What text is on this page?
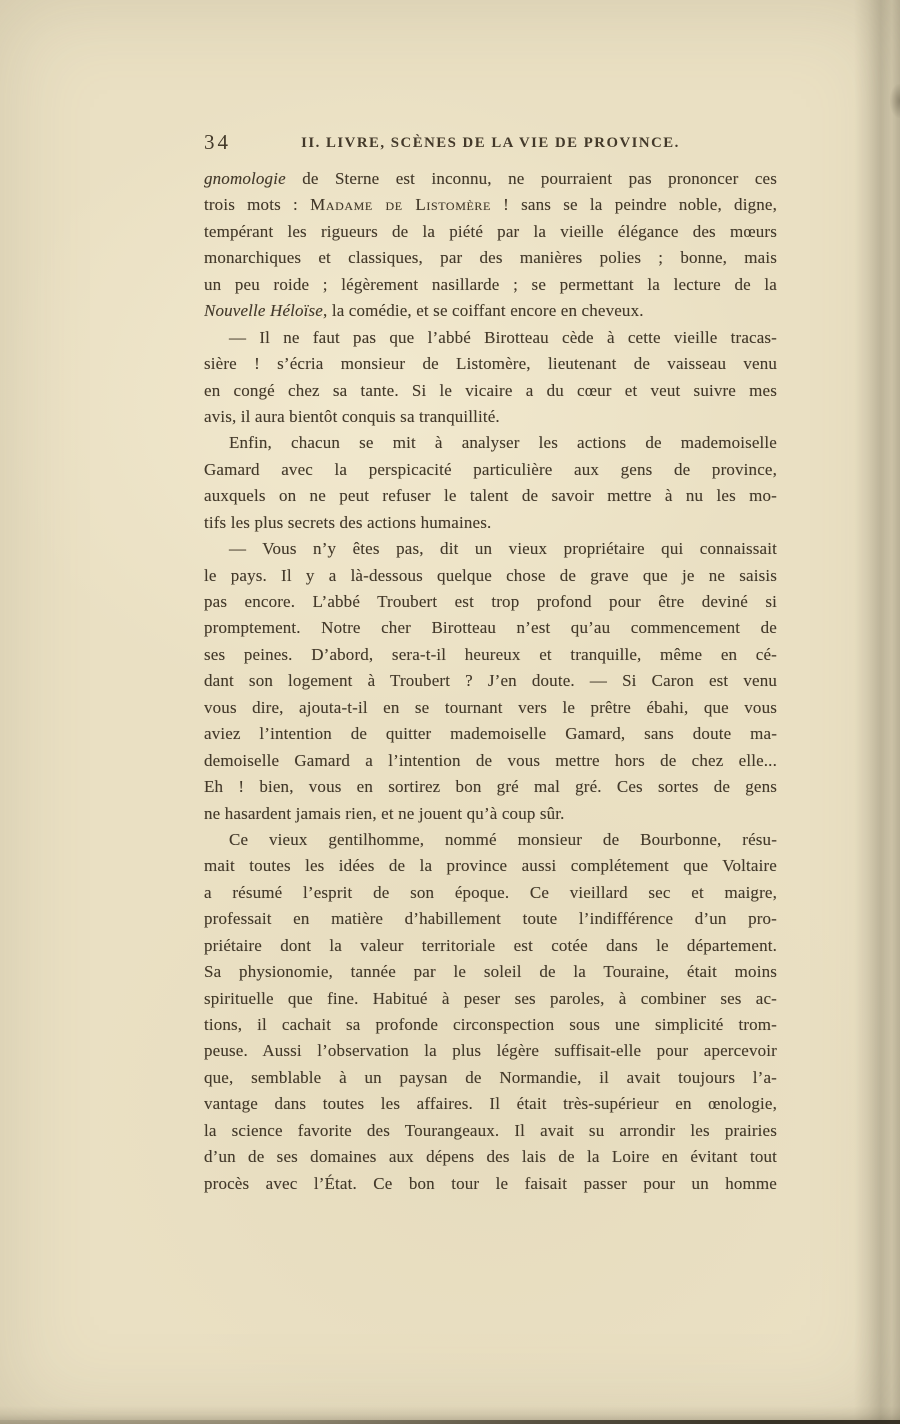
34	II. LIVRE, SCÈNES DE LA VIE DE PROVINCE.
gnomologie de Sterne est inconnu, ne pourraient pas prononcer ces
trois mots : Madame de Listomère ! sans se la peindre noble, digne,
tempérant les rigueurs de la piété par la vieille élégance des mœurs
monarchiques et classiques, par des manières polies ; bonne, mais
un peu roide ; légèrement nasillarde ; se permettant la lecture de la
Nouvelle Héloïse, la comédie, et se coiffant encore en cheveux.
— Il ne faut pas que l’abbé Birotteau cède à cette vieille tracas-
sière ! s’écria monsieur de Listomère, lieutenant de vaisseau venu
en congé chez sa tante. Si le vicaire a du cœur et veut suivre mes
avis, il aura bientôt conquis sa tranquillité.
Enfin, chacun se mit à analyser les actions de mademoiselle
Gamard avec la perspicacité particulière aux gens de province,
auxquels on ne peut refuser le talent de savoir mettre à nu les mo-
tifs les plus secrets des actions humaines.
— Vous n’y êtes pas, dit un vieux propriétaire qui connaissait
le pays. Il y a là-dessous quelque chose de grave que je ne saisis
pas encore. L’abbé Troubert est trop profond pour être deviné si
promptement. Notre cher Birotteau n’est qu’au commencement de
ses peines. D’abord, sera-t-il heureux et tranquille, même en cé-
dant son logement à Troubert ? J’en doute. — Si Caron est venu
vous dire, ajouta-t-il en se tournant vers le prêtre ébahi, que vous
aviez l’intention de quitter mademoiselle Gamard, sans doute ma-
demoiselle Gamard a l’intention de vous mettre hors de chez elle...
Eh ! bien, vous en sortirez bon gré mal gré. Ces sortes de gens
ne hasardent jamais rien, et ne jouent qu’à coup sûr.
Ce vieux gentilhomme, nommé monsieur de Bourbonne, résu-
mait toutes les idées de la province aussi complétement que Voltaire
a résumé l’esprit de son époque. Ce vieillard sec et maigre,
professait en matière d’habillement toute l’indifférence d’un pro-
priétaire dont la valeur territoriale est cotée dans le département.
Sa physionomie, tannée par le soleil de la Touraine, était moins
spirituelle que fine. Habitué à peser ses paroles, à combiner ses ac-
tions, il cachait sa profonde circonspection sous une simplicité trom-
peuse. Aussi l’observation la plus légère suffisait-elle pour apercevoir
que, semblable à un paysan de Normandie, il avait toujours l’a-
vantage dans toutes les affaires. Il était très-supérieur en œnologie,
la science favorite des Tourangeaux. Il avait su arrondir les prairies
d’un de ses domaines aux dépens des lais de la Loire en évitant tout
procès avec l’État. Ce bon tour le faisait passer pour un homme
